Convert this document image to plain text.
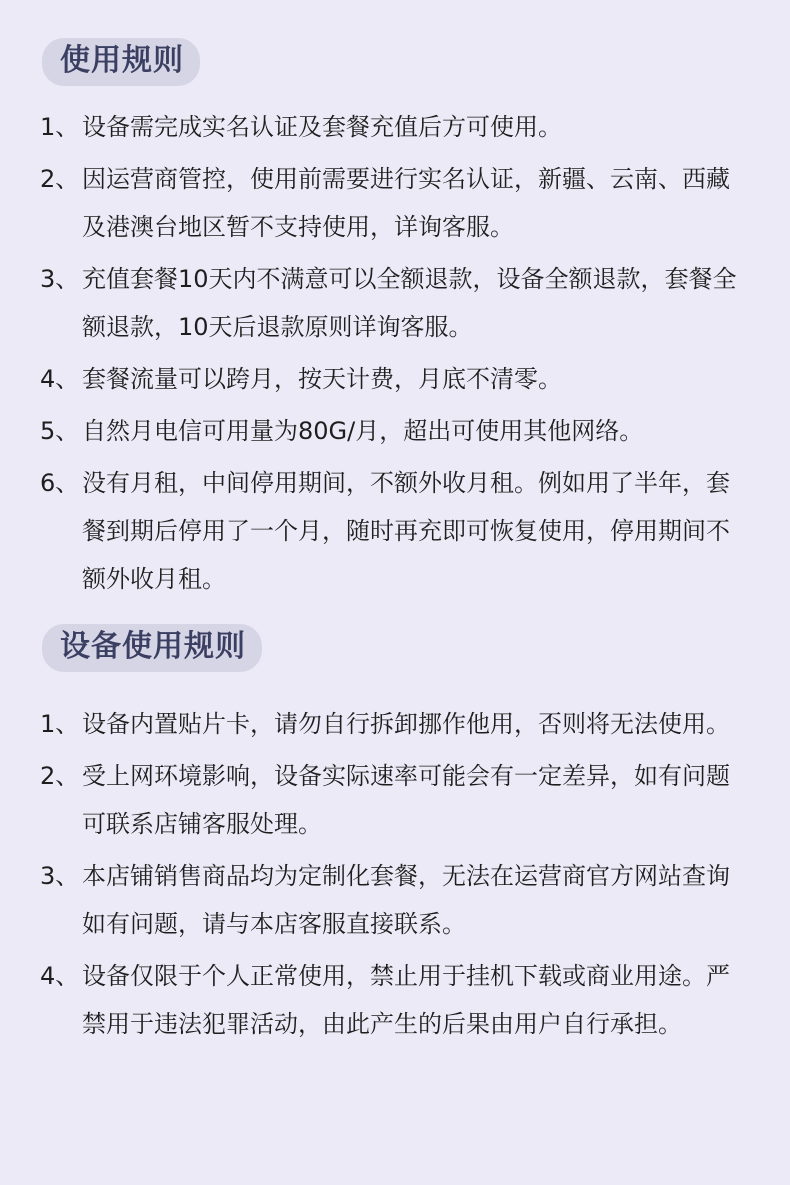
使用规则
1、 设备需完成实名认证及套餐充值后方可使用。
2、 因运营商管控，使用前需要进行实名认证，新疆、云南、西藏及港澳台地区暂不支持使用，详询客服。
3、 充值套餐10天内不满意可以全额退款，设备全额退款，套餐全额退款，10天后退款原则详询客服。
4、 套餐流量可以跨月，按天计费，月底不清零。
5、 自然月电信可用量为80G/月，超出可使用其他网络。
6、 没有月租，中间停用期间，不额外收月租。例如用了半年，套餐到期后停用了一个月，随时再充即可恢复使用，停用期间不额外收月租。
设备使用规则
1、 设备内置贴片卡，请勿自行拆卸挪作他用，否则将无法使用。
2、 受上网环境影响，设备实际速率可能会有一定差异，如有问题可联系店铺客服处理。
3、 本店铺销售商品均为定制化套餐，无法在运营商官方网站查询如有问题，请与本店客服直接联系。
4、 设备仅限于个人正常使用，禁止用于挂机下载或商业用途。严禁用于违法犯罪活动，由此产生的后果由用户自行承担。
